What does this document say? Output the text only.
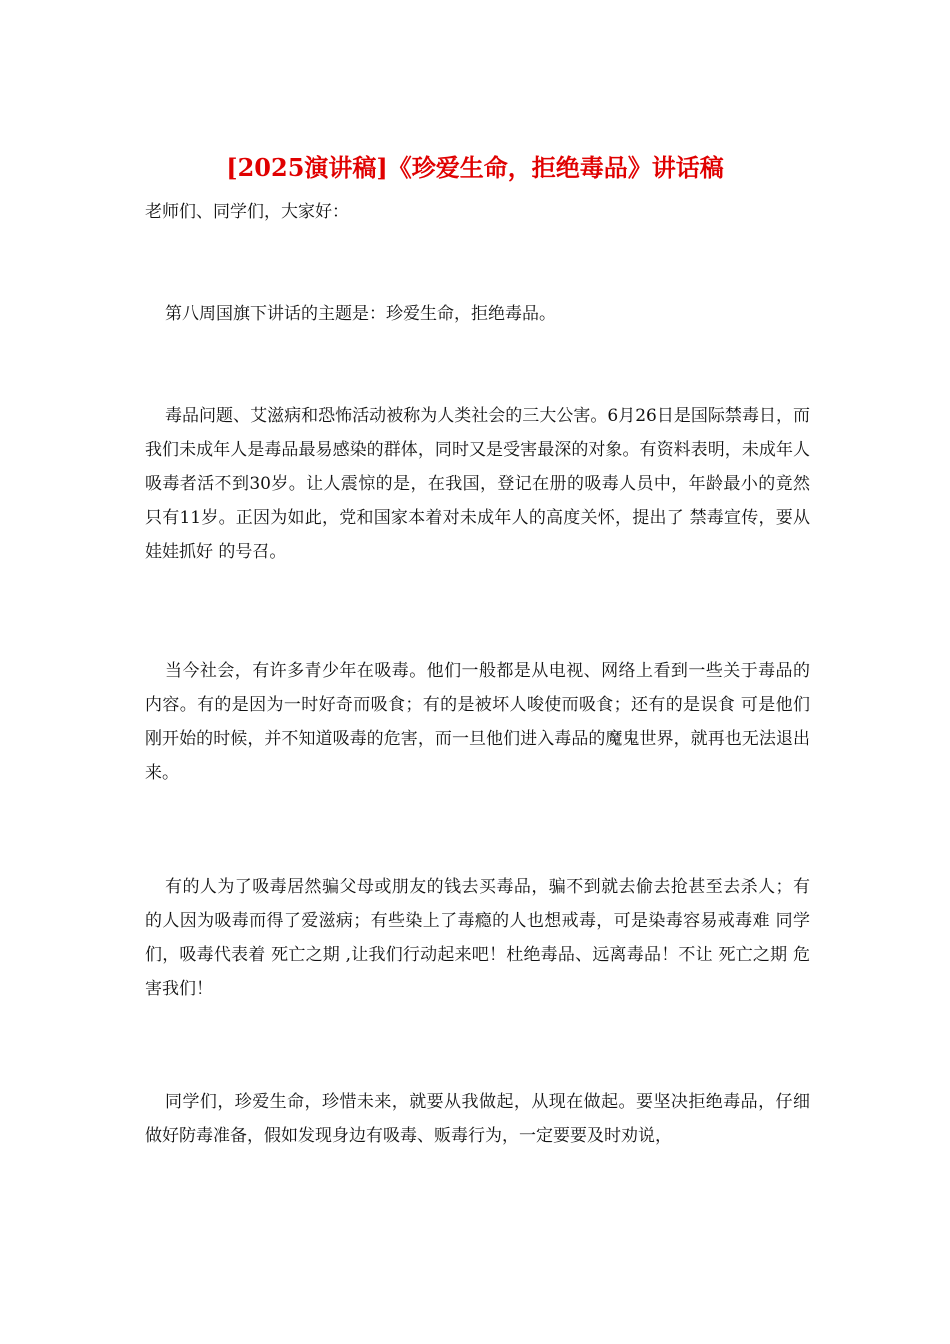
[2025演讲稿]《珍爱生命，拒绝毒品》讲话稿

老师们、同学们，大家好：

第八周国旗下讲话的主题是：珍爱生命，拒绝毒品。

毒品问题、艾滋病和恐怖活动被称为人类社会的三大公害。6月26日是国际禁毒日，而我们未成年人是毒品最易感染的群体，同时又是受害最深的对象。有资料表明，未成年人吸毒者活不到30岁。让人震惊的是，在我国，登记在册的吸毒人员中，年龄最小的竟然只有11岁。正因为如此，党和国家本着对未成年人的高度关怀，提出了 禁毒宣传，要从娃娃抓好 的号召。

当今社会，有许多青少年在吸毒。他们一般都是从电视、网络上看到一些关于毒品的内容。有的是因为一时好奇而吸食；有的是被坏人唆使而吸食；还有的是误食 可是他们刚开始的时候，并不知道吸毒的危害，而一旦他们进入毒品的魔鬼世界，就再也无法退出来。

有的人为了吸毒居然骗父母或朋友的钱去买毒品，骗不到就去偷去抢甚至去杀人；有的人因为吸毒而得了爱滋病；有些染上了毒瘾的人也想戒毒，可是染毒容易戒毒难 同学们，吸毒代表着 死亡之期 ,让我们行动起来吧！杜绝毒品、远离毒品！不让 死亡之期 危害我们！

同学们，珍爱生命，珍惜未来，就要从我做起，从现在做起。要坚决拒绝毒品，仔细做好防毒准备，假如发现身边有吸毒、贩毒行为，一定要要及时劝说，
